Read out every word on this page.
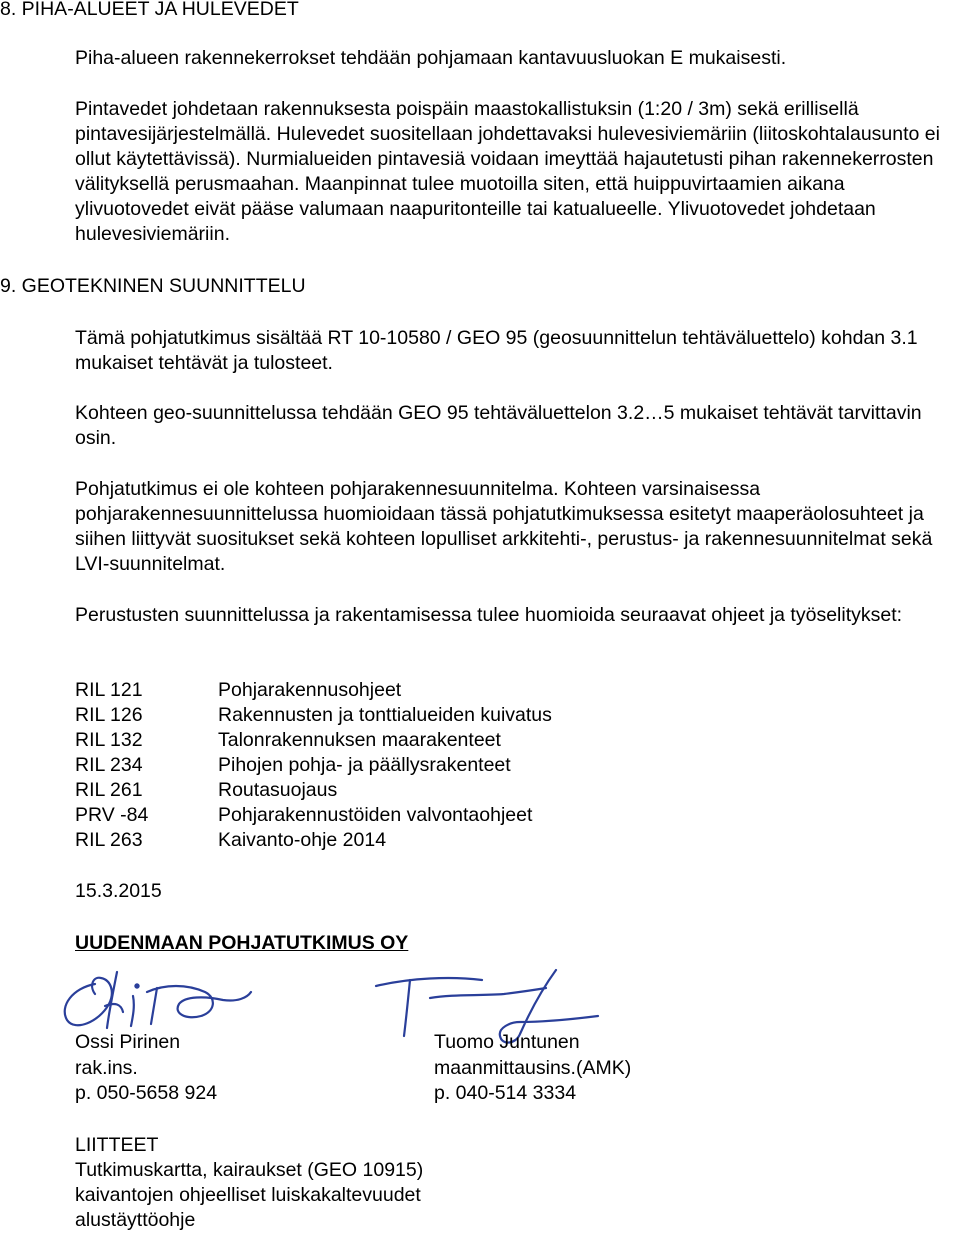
8. PIHA-ALUEET JA HULEVEDET

Piha-alueen rakennekerrokset tehdään pohjamaan kantavuusluokan E mukaisesti.

Pintavedet johdetaan rakennuksesta poispäin maastokallistuksin (1:20 / 3m) sekä erillisellä pintavesijärjestelmällä. Hulevedet suositellaan johdettavaksi hulevesiviemäriin (liitoskohtalausunto ei ollut käytettävissä). Nurmialueiden pintavesiä voidaan imeyttää hajautetusti pihan rakennekerrosten välityksellä perusmaahan. Maanpinnat tulee muotoilla siten, että huippuvirtaamien aikana ylivuotovedet eivät pääse valumaan naapuritonteille tai katualueelle. Ylivuotovedet johdetaan hulevesiviemäriin.

9. GEOTEKNINEN SUUNNITTELU

Tämä pohjatutkimus sisältää RT 10-10580 / GEO 95 (geosuunnittelun tehtäväluettelo) kohdan 3.1 mukaiset tehtävät ja tulosteet.

Kohteen geo-suunnittelussa tehdään GEO 95 tehtäväluettelon 3.2…5 mukaiset tehtävät tarvittavin osin.

Pohjatutkimus ei ole kohteen pohjarakennesuunnitelma. Kohteen varsinaisessa pohjarakennesuunnittelussa huomioidaan tässä pohjatutkimuksessa esitetyt maaperäolosuhteet ja siihen liittyvät suositukset sekä kohteen lopulliset arkkitehti-, perustus- ja rakennesuunnitelmat sekä LVI-suunnitelmat.

Perustusten suunnittelussa ja rakentamisessa tulee huomioida seuraavat ohjeet ja työselitykset:

RIL 121	Pohjarakennusohjeet
RIL 126	Rakennusten ja tonttialueiden kuivatus
RIL 132	Talonrakennuksen maarakenteet
RIL 234	Pihojen pohja- ja päällysrakenteet
RIL 261	Routasuojaus
PRV -84	Pohjarakennustöiden valvontaohjeet
RIL 263	Kaivanto-ohje 2014
15.3.2015
UUDENMAAN POHJATUTKIMUS OY
Ossi Pirinen
rak.ins.
p. 050-5658 924
Tuomo Juntunen
maanmittausins.(AMK)
p. 040-514 3334
LIITTEET
Tutkimuskartta, kairaukset (GEO 10915)
kaivantojen ohjeelliset luiskakaltevuudet
alustäyttöohje
